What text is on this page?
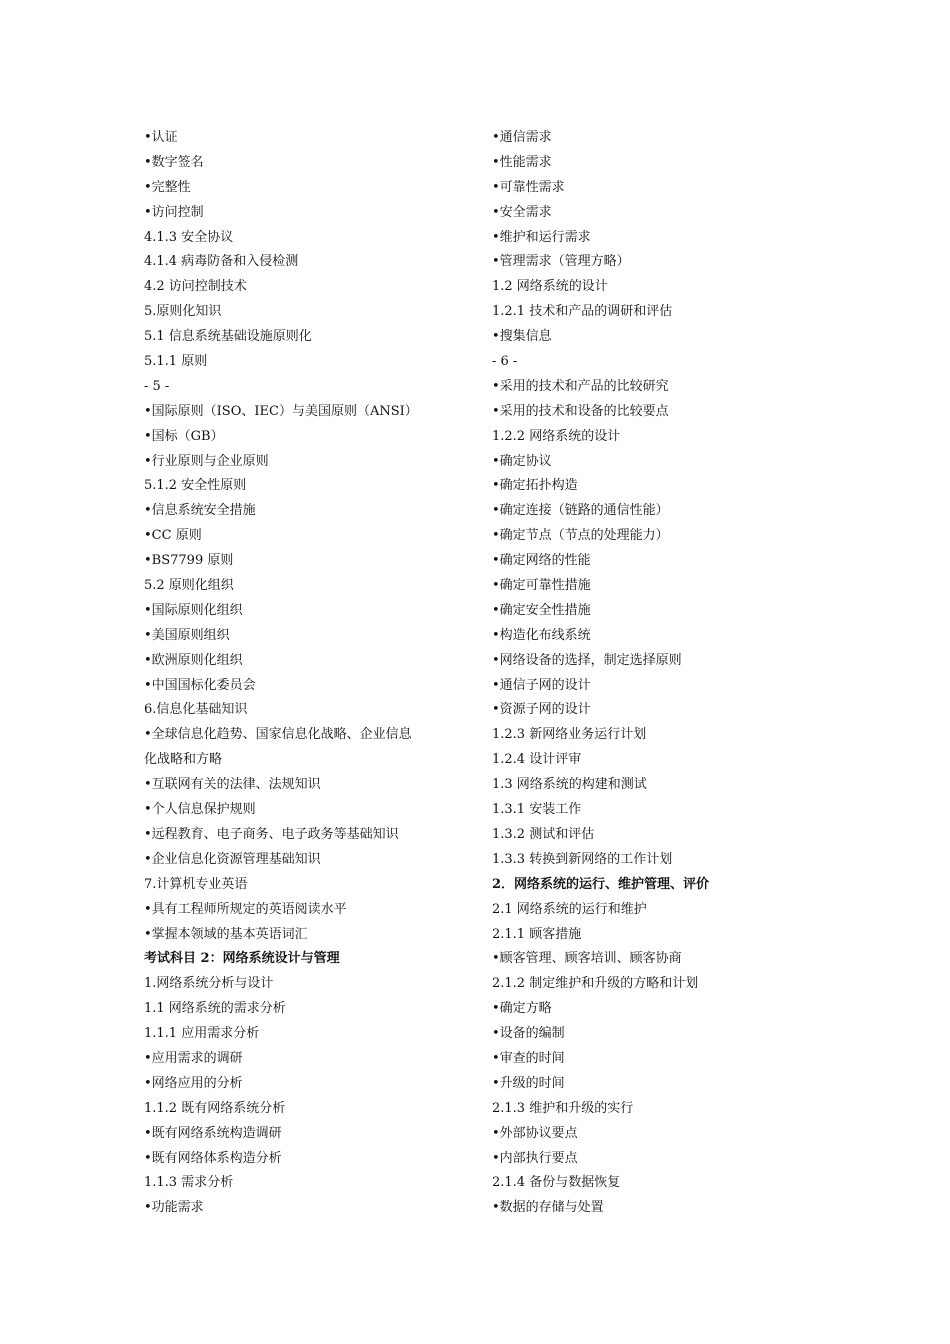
•认证
•数字签名
•完整性
•访问控制
4.1.3 安全协议
4.1.4 病毒防备和入侵检测
4.2 访问控制技术
5.原则化知识
5.1 信息系统基础设施原则化
5.1.1 原则
- 5 -
•国际原则（ISO、IEC）与美国原则（ANSI）
•国标（GB）
•行业原则与企业原则
5.1.2 安全性原则
•信息系统安全措施
•CC 原则
•BS7799 原则
5.2 原则化组织
•国际原则化组织
•美国原则组织
•欧洲原则化组织
•中国国标化委员会
6.信息化基础知识
•全球信息化趋势、国家信息化战略、企业信息
化战略和方略
•互联网有关的法律、法规知识
•个人信息保护规则
•远程教育、电子商务、电子政务等基础知识
•企业信息化资源管理基础知识
7.计算机专业英语
•具有工程师所规定的英语阅读水平
•掌握本领域的基本英语词汇
考试科目 2：网络系统设计与管理
1.网络系统分析与设计
1.1 网络系统的需求分析
1.1.1 应用需求分析
•应用需求的调研
•网络应用的分析
1.1.2 既有网络系统分析
•既有网络系统构造调研
•既有网络体系构造分析
1.1.3 需求分析
•功能需求
•通信需求
•性能需求
•可靠性需求
•安全需求
•维护和运行需求
•管理需求（管理方略）
1.2 网络系统的设计
1.2.1 技术和产品的调研和评估
•搜集信息
- 6 -
•采用的技术和产品的比较研究
•采用的技术和设备的比较要点
1.2.2 网络系统的设计
•确定协议
•确定拓扑构造
•确定连接（链路的通信性能）
•确定节点（节点的处理能力）
•确定网络的性能
•确定可靠性措施
•确定安全性措施
•构造化布线系统
•网络设备的选择，制定选择原则
•通信子网的设计
•资源子网的设计
1.2.3 新网络业务运行计划
1.2.4 设计评审
1.3 网络系统的构建和测试
1.3.1 安装工作
1.3.2 测试和评估
1.3.3 转换到新网络的工作计划
2．网络系统的运行、维护管理、评价
2.1 网络系统的运行和维护
2.1.1 顾客措施
•顾客管理、顾客培训、顾客协商
2.1.2 制定维护和升级的方略和计划
•确定方略
•设备的编制
•审查的时间
•升级的时间
2.1.3 维护和升级的实行
•外部协议要点
•内部执行要点
2.1.4 备份与数据恢复
•数据的存储与处置
